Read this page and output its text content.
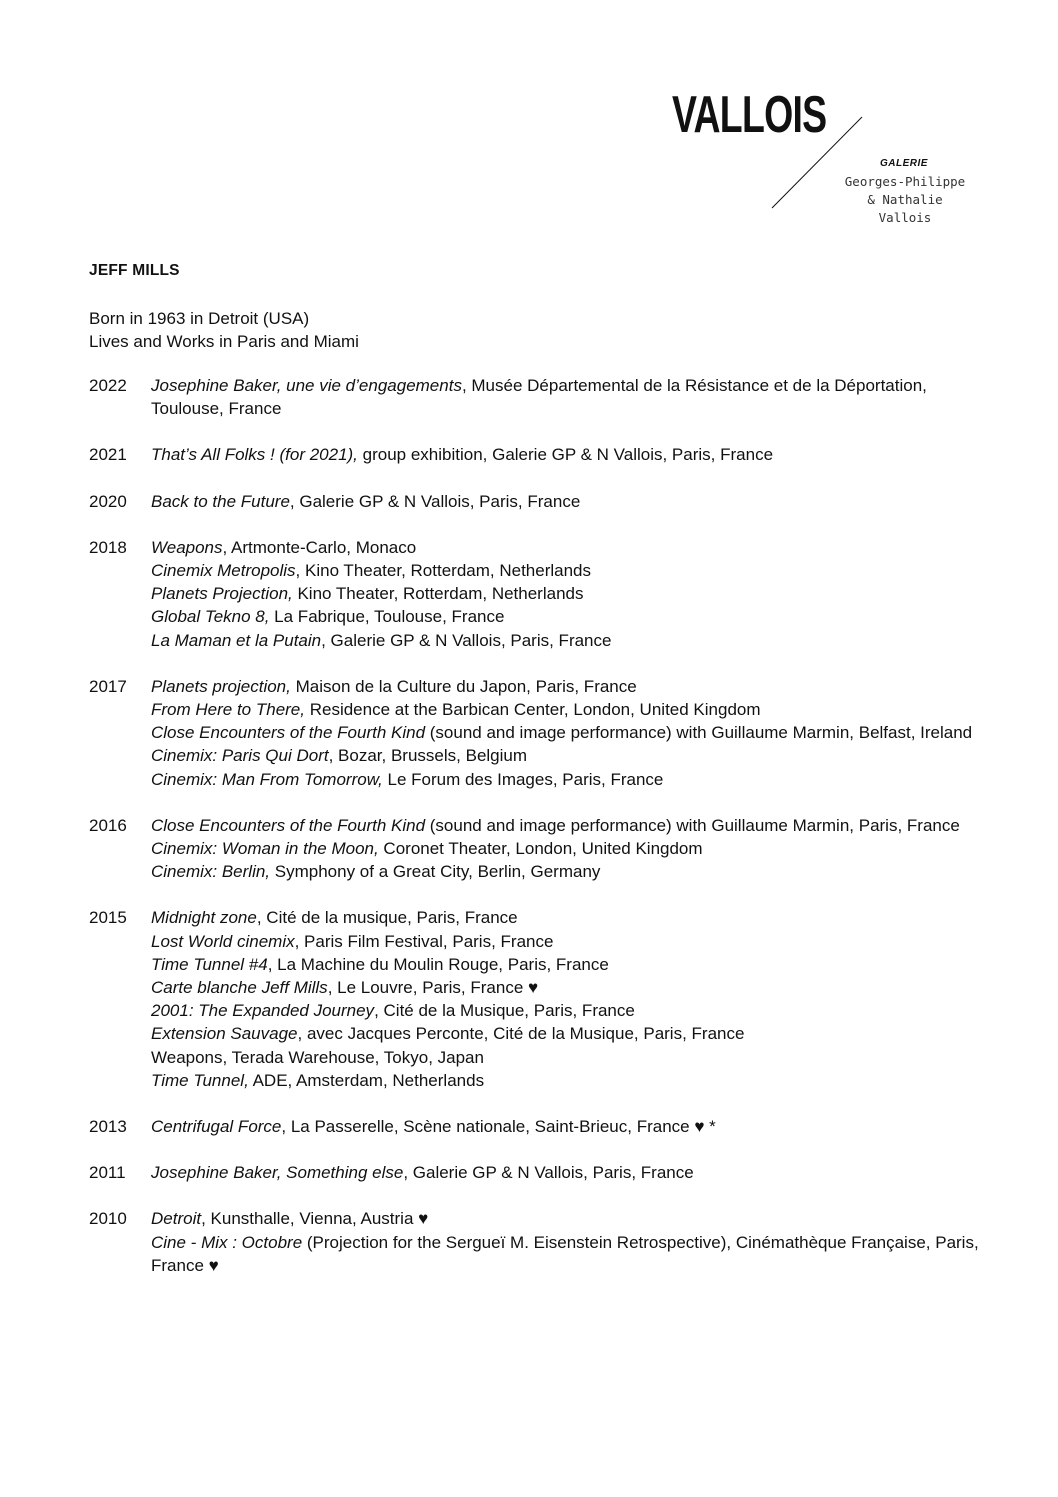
VALLOIS
GALERIE
Georges-Philippe
& Nathalie
Vallois
JEFF MILLS
Born in 1963 in Detroit (USA)
Lives and Works in Paris and Miami
2022	Josephine Baker, une vie d’engagements, Musée Départemental de la Résistance et de la Déportation, Toulouse, France
2021	That’s All Folks ! (for 2021), group exhibition, Galerie GP & N Vallois, Paris, France
2020	Back to the Future, Galerie GP & N Vallois, Paris, France
2018	Weapons, Artmonte-Carlo, Monaco
Cinemix Metropolis, Kino Theater, Rotterdam, Netherlands
Planets Projection, Kino Theater, Rotterdam, Netherlands
Global Tekno 8, La Fabrique, Toulouse, France
La Maman et la Putain, Galerie GP & N Vallois, Paris, France
2017	Planets projection, Maison de la Culture du Japon, Paris, France
From Here to There, Residence at the Barbican Center, London, United Kingdom
Close Encounters of the Fourth Kind (sound and image performance) with Guillaume Marmin, Belfast, Ireland
Cinemix: Paris Qui Dort, Bozar, Brussels, Belgium
Cinemix: Man From Tomorrow, Le Forum des Images, Paris, France
2016	Close Encounters of the Fourth Kind (sound and image performance) with Guillaume Marmin, Paris, France
Cinemix: Woman in the Moon, Coronet Theater, London, United Kingdom
Cinemix: Berlin, Symphony of a Great City, Berlin, Germany
2015	Midnight zone, Cité de la musique, Paris, France
Lost World cinemix, Paris Film Festival, Paris, France
Time Tunnel #4, La Machine du Moulin Rouge, Paris, France
Carte blanche Jeff Mills, Le Louvre, Paris, France ♥
2001: The Expanded Journey, Cité de la Musique, Paris, France
Extension Sauvage, avec Jacques Perconte, Cité de la Musique, Paris, France
Weapons, Terada Warehouse, Tokyo, Japan
Time Tunnel, ADE, Amsterdam, Netherlands
2013	Centrifugal Force, La Passerelle, Scène nationale, Saint-Brieuc, France ♥ *
2011	Josephine Baker, Something else, Galerie GP & N Vallois, Paris, France
2010	Detroit, Kunsthalle, Vienna, Austria ♥
Cine - Mix : Octobre (Projection for the Sergueï M. Eisenstein Retrospective), Cinémathèque Française, Paris, France ♥
